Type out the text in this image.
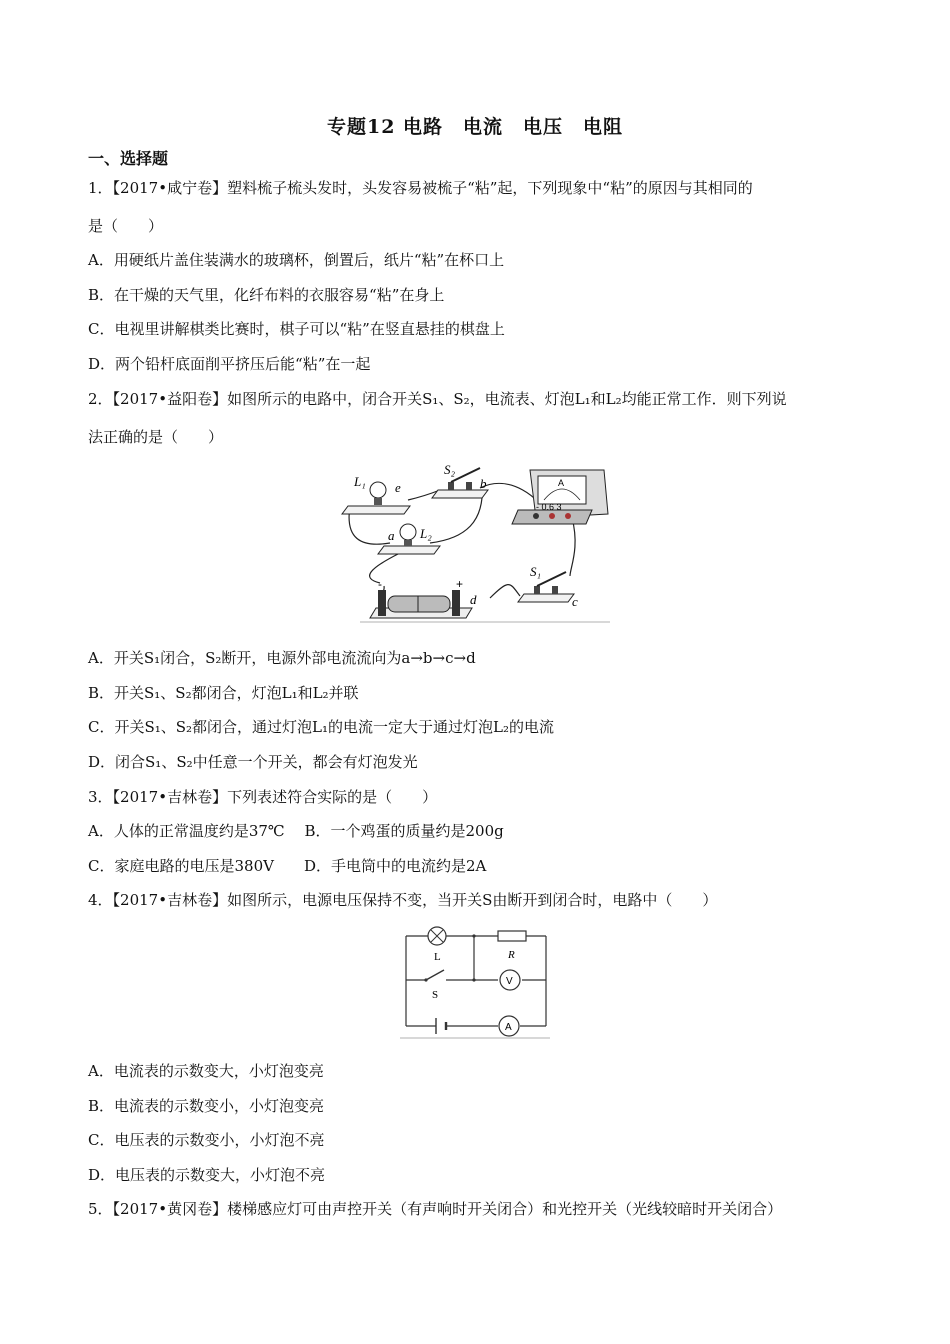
专题12 电路　电流　电压　电阻
一、选择题
1．【2017•咸宁卷】塑料梳子梳头发时，头发容易被梳子“粘”起，下列现象中“粘”的原因与其相同的
是（　　）
A．用硬纸片盖住装满水的玻璃杯，倒置后，纸片“粘”在杯口上
B．在干燥的天气里，化纤布料的衣服容易“粘”在身上
C．电视里讲解棋类比赛时，棋子可以“粘”在竖直悬挂的棋盘上
D．两个铅杆底面削平挤压后能“粘”在一起
2．【2017•益阳卷】如图所示的电路中，闭合开关S₁、S₂，电流表、灯泡L₁和L₂均能正常工作．则下列说
法正确的是（　　）
L₁ e
S₂
b	A
- 0.6 3
a L₂
-	+
d
S₁
c
A．开关S₁闭合，S₂断开，电源外部电流流向为a→b→c→d
B．开关S₁、S₂都闭合，灯泡L₁和L₂并联
C．开关S₁、S₂都闭合，通过灯泡L₁的电流一定大于通过灯泡L₂的电流
D．闭合S₁、S₂中任意一个开关，都会有灯泡发光
3．【2017•吉林卷】下列表述符合实际的是（　　）
A．人体的正常温度约是37℃　 B．一个鸡蛋的质量约是200g
C．家庭电路的电压是380V　　D．手电筒中的电流约是2A
4．【2017•吉林卷】如图所示，电源电压保持不变，当开关S由断开到闭合时，电路中（　　）
L	R
S
V
A
A．电流表的示数变大，小灯泡变亮
B．电流表的示数变小，小灯泡变亮
C．电压表的示数变小，小灯泡不亮
D．电压表的示数变大，小灯泡不亮
5．【2017•黄冈卷】楼梯感应灯可由声控开关（有声响时开关闭合）和光控开关（光线较暗时开关闭合）
